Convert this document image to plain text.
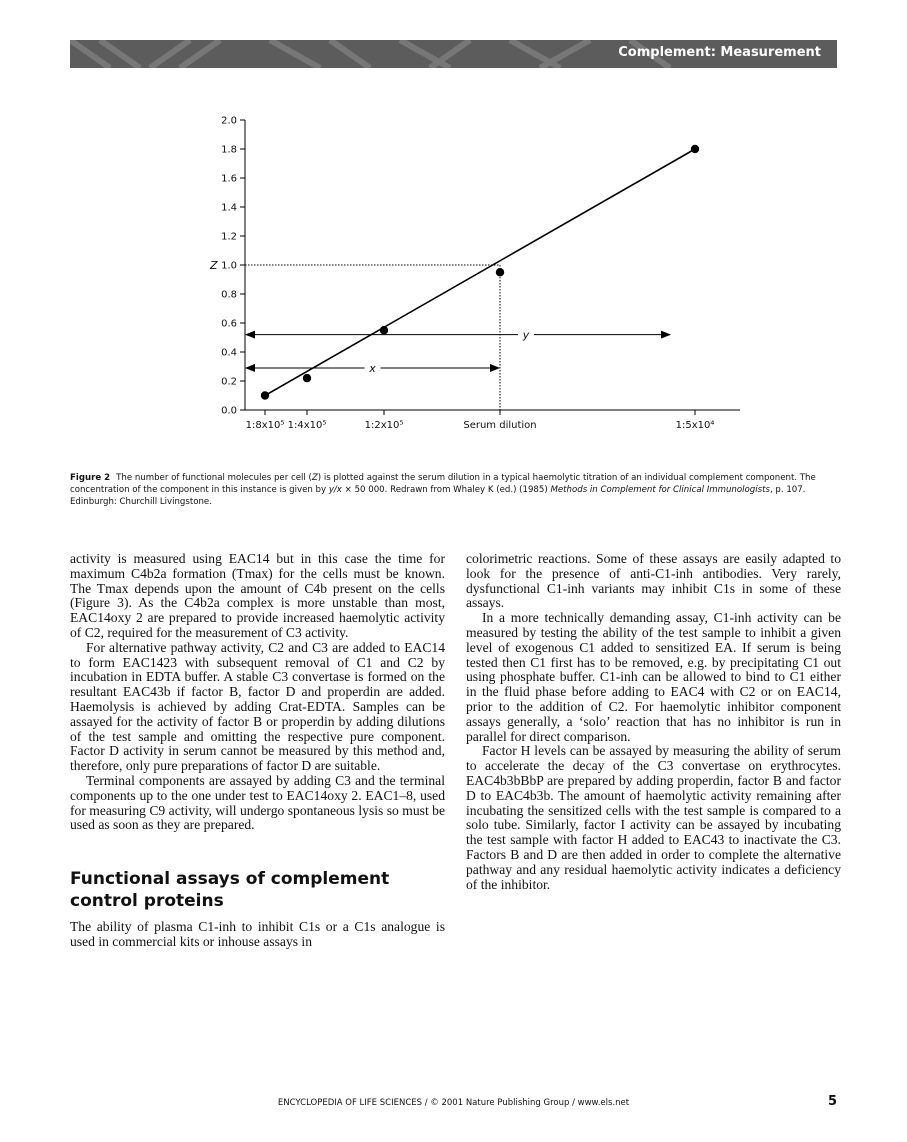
Complement: Measurement
0.0
0.2
0.4
0.6
0.8
1.0
1.2
1.4
1.6
1.8
2.0
Z
1:8x10⁵ 1:4x10⁵	1:2x10⁵	Serum dilution	1:5x10⁴
x
y
Figure 2 The number of functional molecules per cell (Z) is plotted against the serum dilution in a typical haemolytic titration of an individual complement component. The concentration of the component in this instance is given by y/x × 50 000. Redrawn from Whaley K (ed.) (1985) Methods in Complement for Clinical Immunologists, p. 107. Edinburgh: Churchill Livingstone.

activity is measured using EAC14 but in this case the time for maximum C4b2a formation (Tmax) for the cells must be known. The Tmax depends upon the amount of C4b present on the cells (Figure 3). As the C4b2a complex is more unstable than most, EAC14oxy 2 are prepared to provide increased haemolytic activity of C2, required for the measurement of C3 activity.

For alternative pathway activity, C2 and C3 are added to EAC14 to form EAC1423 with subsequent removal of C1 and C2 by incubation in EDTA buffer. A stable C3 convertase is formed on the resultant EAC43b if factor B, factor D and properdin are added. Haemolysis is achieved by adding Crat-EDTA. Samples can be assayed for the activity of factor B or properdin by adding dilutions of the test sample and omitting the respective pure component. Factor D activity in serum cannot be measured by this method and, therefore, only pure preparations of factor D are suitable.

Terminal components are assayed by adding C3 and the terminal components up to the one under test to EAC14oxy 2. EAC1–8, used for measuring C9 activity, will undergo spontaneous lysis so must be used as soon as they are prepared.

Functional assays of complement control proteins

The ability of plasma C1-inh to inhibit C1s or a C1s analogue is used in commercial kits or inhouse assays in

colorimetric reactions. Some of these assays are easily adapted to look for the presence of anti-C1-inh antibodies. Very rarely, dysfunctional C1-inh variants may inhibit C1s in some of these assays.

In a more technically demanding assay, C1-inh activity can be measured by testing the ability of the test sample to inhibit a given level of exogenous C1 added to sensitized EA. If serum is being tested then C1 first has to be removed, e.g. by precipitating C1 out using phosphate buffer. C1-inh can be allowed to bind to C1 either in the fluid phase before adding to EAC4 with C2 or on EAC14, prior to the addition of C2. For haemolytic inhibitor component assays generally, a ‘solo’ reaction that has no inhibitor is run in parallel for direct comparison.

Factor H levels can be assayed by measuring the ability of serum to accelerate the decay of the C3 convertase on erythrocytes. EAC4b3bBbP are prepared by adding properdin, factor B and factor D to EAC4b3b. The amount of haemolytic activity remaining after incubating the sensitized cells with the test sample is compared to a solo tube. Similarly, factor I activity can be assayed by incubating the test sample with factor H added to EAC43 to inactivate the C3. Factors B and D are then added in order to complete the alternative pathway and any residual haemolytic activity indicates a deficiency of the inhibitor.

ENCYCLOPEDIA OF LIFE SCIENCES / © 2001 Nature Publishing Group / www.els.net	5
